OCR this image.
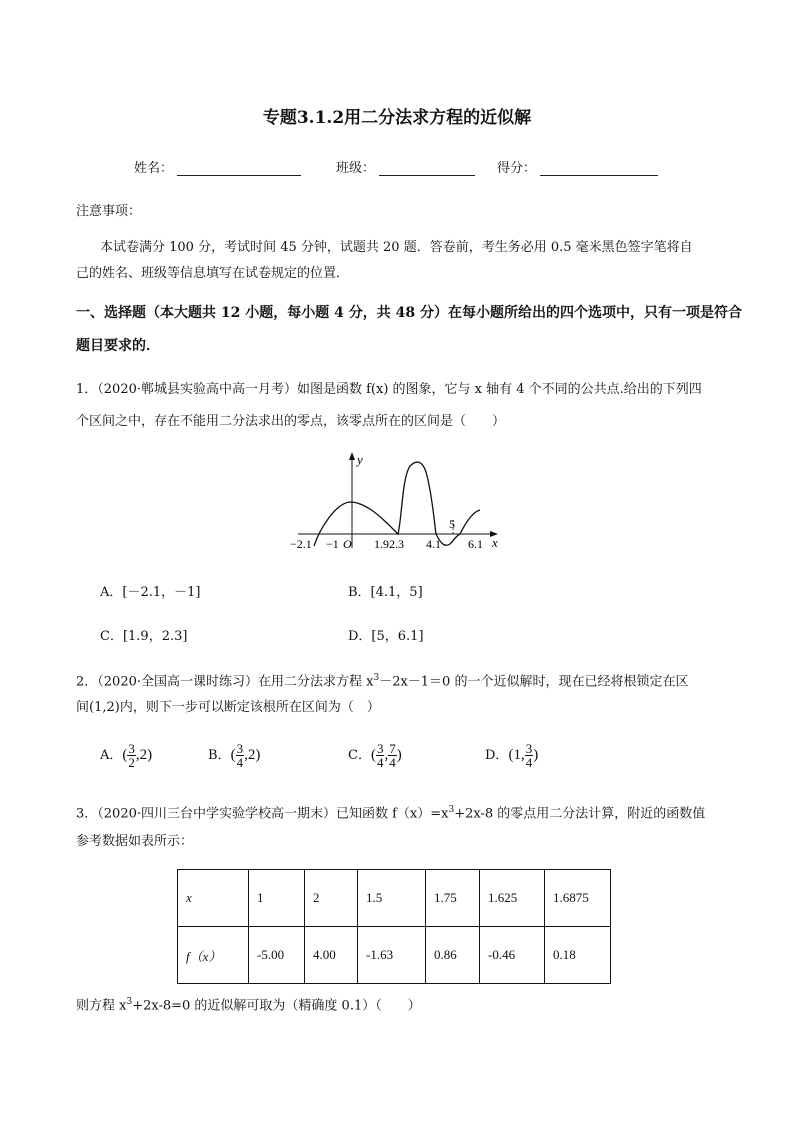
专题3.1.2用二分法求方程的近似解
姓名：	班级：	得分：
注意事项：
本试卷满分 100 分，考试时间 45 分钟，试题共 20 题．答卷前，考生务必用 0.5 毫米黑色签字笔将自
己的姓名、班级等信息填写在试卷规定的位置．
一、选择题（本大题共 12 小题，每小题 4 分，共 48 分）在每小题所给出的四个选项中，只有一项是符合
题目要求的．
1．（2020·郸城县实验高中高一月考）如图是函数 f(x) 的图象，它与 x 轴有 4 个不同的公共点.给出的下列四
个区间之中，存在不能用二分法求出的零点，该零点所在的区间是（　　）
y
x
O
−2.1 −1	1.92.3 4.1 6.1
5
A．[－2.1，－1]	B．[4.1，5]
C．[1.9，2.3]	D．[5，6.1]
2．（2020·全国高一课时练习）在用二分法求方程 $x^3-2x-1=0$ 的一个近似解时，现在已经将根锁定在区
间(1,2)内，则下一步可以断定该根所在区间为（　）
A．( $\frac{3}{2} ,2$)	B．( $\frac{3}{4} ,2$)	C．( $\frac{3}{4}$ , $\frac{7}{4}$ )	D．(1, $\frac{3}{4}$ )
3．（2020·四川三台中学实验学校高一期末）已知函数 $f(x)=x^3+2x-8$ 的零点用二分法计算，附近的函数值
参考数据如表所示：
x	1	2	1.5	1.75	1.625	1.6875
f（x）	-5.00	4.00	-1.63	0.86	-0.46	0.18
则方程 $x^3+2x-8=0$ 的近似解可取为（精确度 0.1）（　　）
